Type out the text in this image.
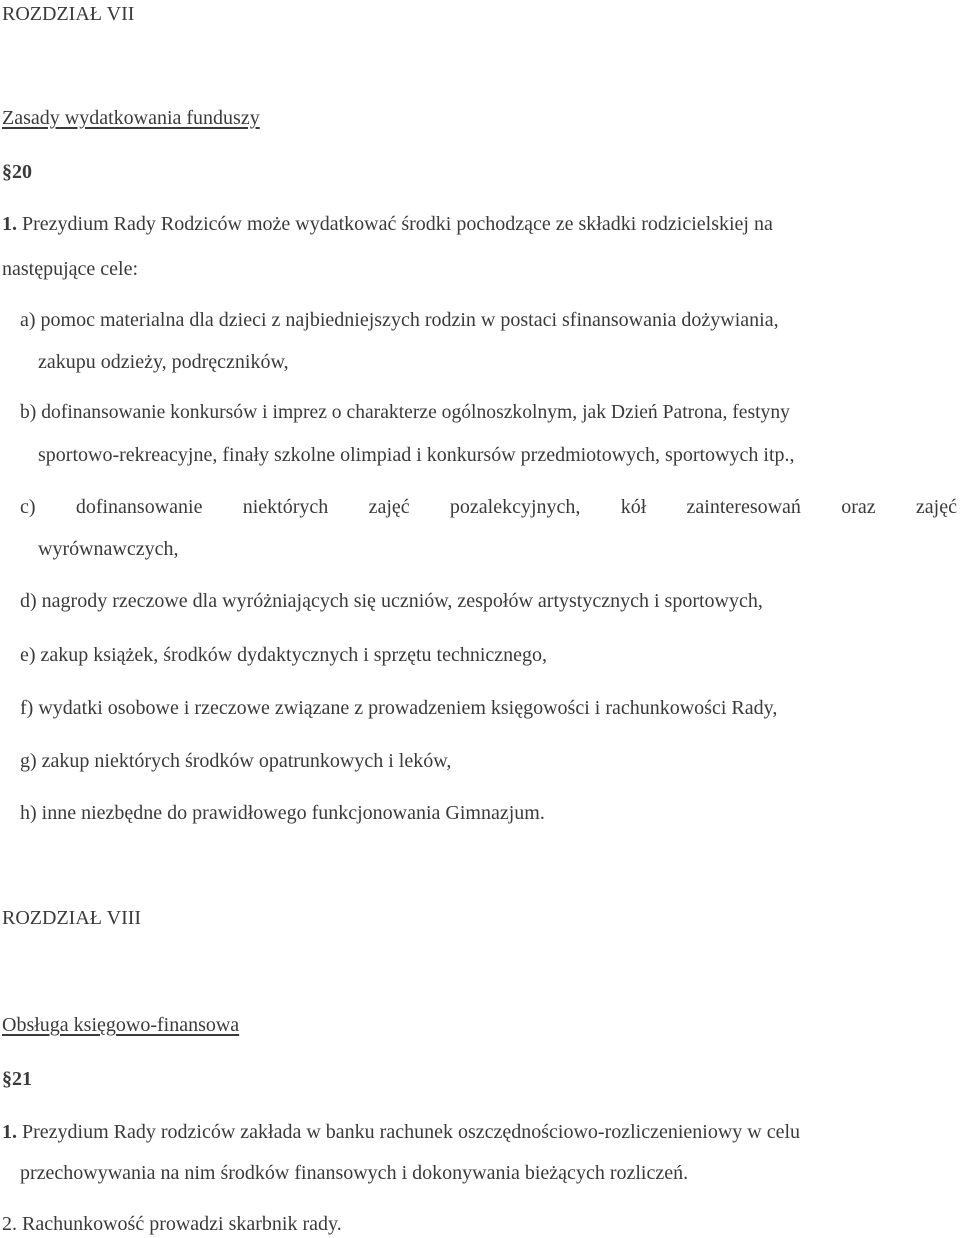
ROZDZIAŁ VII
Zasady wydatkowania funduszy
§20
1. Prezydium Rady Rodziców może wydatkować środki pochodzące ze składki rodzicielskiej na
następujące cele:
a) pomoc materialna dla dzieci z najbiedniejszych rodzin w postaci sfinansowania dożywiania,
zakupu odzieży, podręczników,
b) dofinansowanie konkursów i imprez o charakterze ogólnoszkolnym, jak Dzień Patrona, festyny
sportowo-rekreacyjne, finały szkolne olimpiad i konkursów przedmiotowych, sportowych itp.,
c) dofinansowanie niektórych zajęć pozalekcyjnych, kół zainteresowań oraz zajęć
wyrównawczych,
d) nagrody rzeczowe dla wyróżniających się uczniów, zespołów artystycznych i sportowych,
e) zakup książek, środków dydaktycznych i sprzętu technicznego,
f) wydatki osobowe i rzeczowe związane z prowadzeniem księgowości i rachunkowości Rady,
g) zakup niektórych środków opatrunkowych i leków,
h) inne niezbędne do prawidłowego funkcjonowania Gimnazjum.
ROZDZIAŁ VIII
Obsługa księgowo-finansowa
§21
1. Prezydium Rady rodziców zakłada w banku rachunek oszczędnościowo-rozliczenieniowy w celu
przechowywania na nim środków finansowych i dokonywania bieżących rozliczeń.
2. Rachunkowość prowadzi skarbnik rady.
